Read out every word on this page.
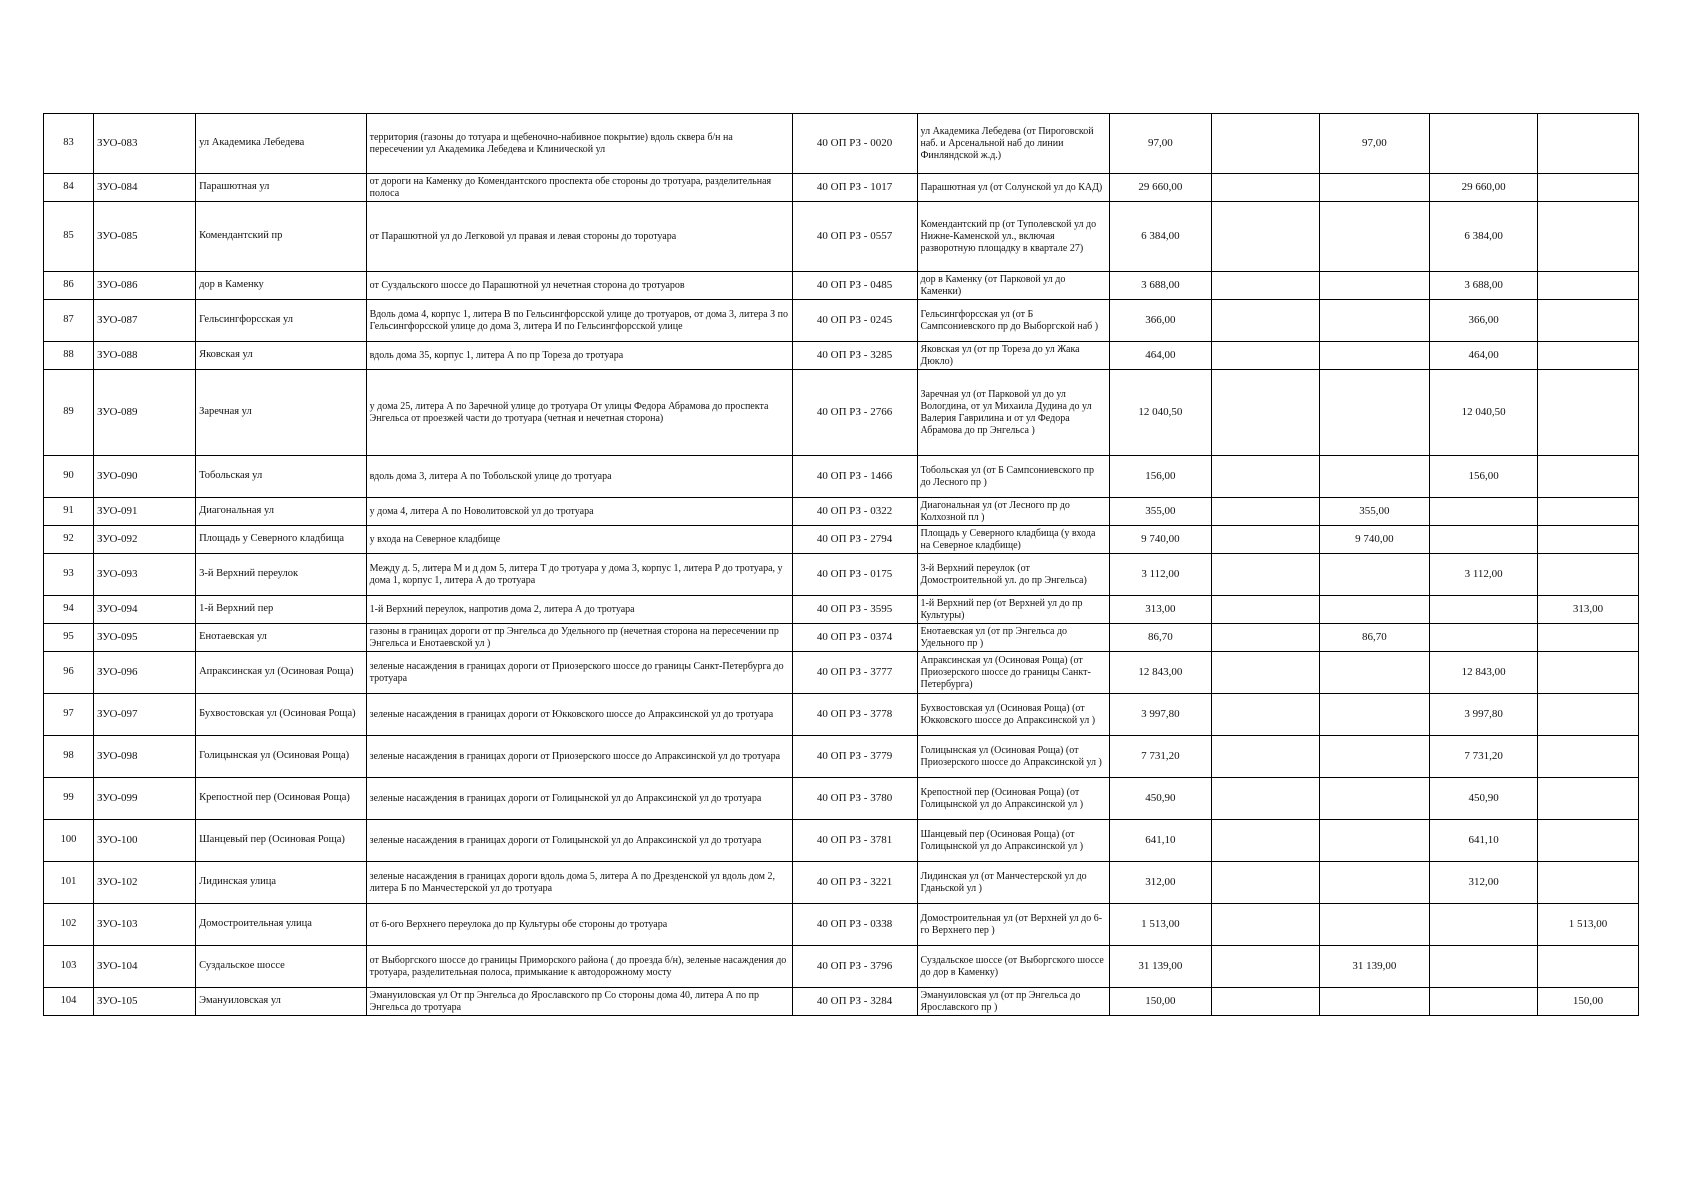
83	ЗУО-083	ул Академика Лебедева	территория (газоны до тотуара и щебеночно-набивное покрытие) вдоль сквера б/н на пересечении ул Академика Лебедева и Клинической ул	40 ОП РЗ - 0020	ул Академика Лебедева (от Пироговской наб. и Арсенальной наб до линии Финляндской ж.д.)	97,00		97,00		
84	ЗУО-084	Парашютная ул	от дороги на Каменку до Комендантского проспекта обе стороны до тротуара, разделительная полоса	40 ОП РЗ - 1017	Парашютная ул (от Солунской ул до КАД)	29 660,00			29 660,00	
85	ЗУО-085	Комендантский пр	от Парашютной ул до Легковой ул правая и левая стороны до торотуара	40 ОП РЗ - 0557	Комендантский пр (от Туполевской ул до Нижне-Каменской ул., включая разворотную площадку в квартале 27)	6 384,00			6 384,00	
86	ЗУО-086	дор в Каменку	от Суздальского шоссе до Парашютной ул нечетная сторона до тротуаров	40 ОП РЗ - 0485	дор в Каменку (от Парковой ул до Каменки)	3 688,00			3 688,00	
87	ЗУО-087	Гельсингфорсская ул	Вдоль дома 4, корпус 1, литера В по Гельсингфорсской улице до тротуаров, от дома 3, литера З по Гельсингфорсской улице до дома 3, литера И по Гельсингфорсской улице	40 ОП РЗ - 0245	Гельсингфорсская ул (от Б Сампсониевского пр до Выборгской наб )	366,00			366,00	
88	ЗУО-088	Яковская ул	вдоль дома 35, корпус 1, литера А по пр Тореза до тротуара	40 ОП РЗ - 3285	Яковская ул (от пр Тореза до ул Жака Дюкло)	464,00			464,00	
89	ЗУО-089	Заречная ул	у дома 25, литера А по Заречной улице до тротуара От улицы Федора Абрамова до проспекта Энгельса от проезжей части до тротуара (четная и нечетная сторона)	40 ОП РЗ - 2766	Заречная ул (от Парковой ул до ул Вологдина, от ул Михаила Дудина до ул Валерия Гаврилина и от ул Федора Абрамова до пр Энгельса )	12 040,50			12 040,50	
90	ЗУО-090	Тобольская ул	вдоль дома 3, литера А по Тобольской улице до тротуара	40 ОП РЗ - 1466	Тобольская ул (от Б Сампсониевского пр до Лесного пр )	156,00			156,00	
91	ЗУО-091	Диагональная ул	у дома 4, литера А по Новолитовской ул до тротуара	40 ОП РЗ - 0322	Диагональная ул (от Лесного пр до Колхозной пл )	355,00		355,00		
92	ЗУО-092	Площадь у Северного кладбища	у входа на Северное кладбище	40 ОП РЗ - 2794	Площадь у Северного кладбища (у входа на Северное кладбище)	9 740,00		9 740,00		
93	ЗУО-093	3-й Верхний переулок	Между д. 5, литера М и д дом 5, литера Т до тротуара у дома 3, корпус 1, литера Р до тротуара, у дома 1, корпус 1, литера А до тротуара	40 ОП РЗ - 0175	3-й Верхний переулок (от Домостроительной ул. до пр Энгельса)	3 112,00			3 112,00	
94	ЗУО-094	1-й Верхний пер	1-й Верхний переулок, напротив дома 2, литера А до тротуара	40 ОП РЗ - 3595	1-й Верхний пер (от Верхней ул до пр Культуры)	313,00				313,00
95	ЗУО-095	Енотаевская ул	газоны в границах дороги от пр Энгельса до Удельного пр (нечетная сторона на пересечении пр Энгельса и Енотаевской ул )	40 ОП РЗ - 0374	Енотаевская ул (от пр Энгельса до Удельного пр )	86,70		86,70		
96	ЗУО-096	Апраксинская ул (Осиновая Роща)	зеленые насаждения в границах дороги от Приозерского шоссе до границы Санкт-Петербурга до тротуара	40 ОП РЗ - 3777	Апраксинская ул (Осиновая Роща) (от Приозерского шоссе до границы Санкт-Петербурга)	12 843,00			12 843,00	
97	ЗУО-097	Бухвостовская ул (Осиновая Роща)	зеленые насаждения в границах дороги от Юкковского шоссе до Апраксинской ул до тротуара	40 ОП РЗ - 3778	Бухвостовская ул (Осиновая Роща) (от Юкковского шоссе до Апраксинской ул )	3 997,80			3 997,80	
98	ЗУО-098	Голицынская ул (Осиновая Роща)	зеленые насаждения в границах дороги от Приозерского шоссе до Апраксинской ул до тротуара	40 ОП РЗ - 3779	Голицынская ул (Осиновая Роща) (от Приозерского шоссе до Апраксинской ул )	7 731,20			7 731,20	
99	ЗУО-099	Крепостной пер (Осиновая Роща)	зеленые насаждения в границах дороги от Голицынской ул до Апраксинской ул до тротуара	40 ОП РЗ - 3780	Крепостной пер (Осиновая Роща) (от Голицынской ул до Апраксинской ул )	450,90			450,90	
100	ЗУО-100	Шанцевый пер (Осиновая Роща)	зеленые насаждения в границах дороги от Голицынской ул до Апраксинской ул до тротуара	40 ОП РЗ - 3781	Шанцевый пер (Осиновая Роща) (от Голицынской ул до Апраксинской ул )	641,10			641,10	
101	ЗУО-102	Лидинская улица	зеленые насаждения в границах дороги вдоль дома 5, литера А по Дрезденской ул вдоль дом 2, литера Б по Манчестерской ул до тротуара	40 ОП РЗ - 3221	Лидинская ул (от Манчестерской ул до Гданьской ул )	312,00			312,00	
102	ЗУО-103	Домостроительная улица	от 6-ого Верхнего переулока до пр Культуры обе стороны до тротуара	40 ОП РЗ - 0338	Домостроительная ул (от Верхней ул до 6-го Верхнего пер )	1 513,00				1 513,00
103	ЗУО-104	Суздальское шоссе	от Выборгского шоссе до границы Приморского района ( до проезда б/н), зеленые насаждения до тротуара, разделительная полоса, примыкание к автодорожному мосту	40 ОП РЗ - 3796	Суздальское шоссе (от Выборгского шоссе до дор в Каменку)	31 139,00		31 139,00		
104	ЗУО-105	Эмануиловская ул	Эмануиловская ул От пр Энгельса до Ярославского пр Со стороны дома 40, литера А по пр Энгельса до тротуара	40 ОП РЗ - 3284	Эмануиловская ул (от пр Энгельса до Ярославского пр )	150,00				150,00
